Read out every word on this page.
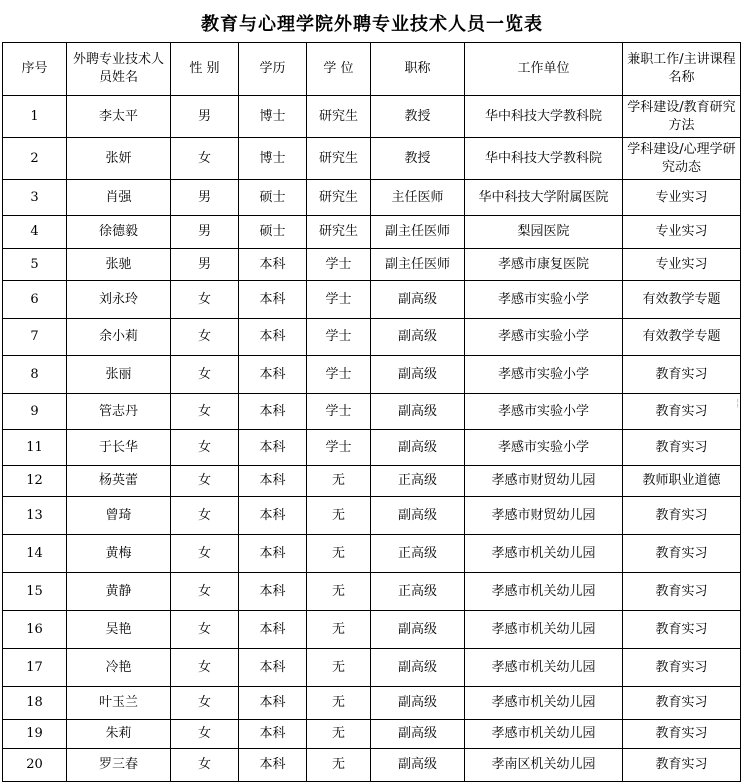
教育与心理学院外聘专业技术人员一览表
序号	外聘专业技术人员姓名	性 别	学历	学 位	职称	工作单位	兼职工作/主讲课程名称
1	李太平	男	博士	研究生	教授	华中科技大学教科院	学科建设/教育研究方法
2	张妍	女	博士	研究生	教授	华中科技大学教科院	学科建设/心理学研究动态
3	肖强	男	硕士	研究生	主任医师	华中科技大学附属医院	专业实习
4	徐德毅	男	硕士	研究生	副主任医师	梨园医院	专业实习
5	张驰	男	本科	学士	副主任医师	孝感市康复医院	专业实习
6	刘永玲	女	本科	学士	副高级	孝感市实验小学	有效教学专题
7	余小莉	女	本科	学士	副高级	孝感市实验小学	有效教学专题
8	张丽	女	本科	学士	副高级	孝感市实验小学	教育实习
9	管志丹	女	本科	学士	副高级	孝感市实验小学	教育实习
11	于长华	女	本科	学士	副高级	孝感市实验小学	教育实习
12	杨英蕾	女	本科	无	正高级	孝感市财贸幼儿园	教师职业道德
13	曾琦	女	本科	无	副高级	孝感市财贸幼儿园	教育实习
14	黄梅	女	本科	无	正高级	孝感市机关幼儿园	教育实习
15	黄静	女	本科	无	正高级	孝感市机关幼儿园	教育实习
16	吴艳	女	本科	无	副高级	孝感市机关幼儿园	教育实习
17	冷艳	女	本科	无	副高级	孝感市机关幼儿园	教育实习
18	叶玉兰	女	本科	无	副高级	孝感市机关幼儿园	教育实习
19	朱莉	女	本科	无	副高级	孝感市机关幼儿园	教育实习
20	罗三春	女	本科	无	副高级	孝南区机关幼儿园	教育实习
¦
